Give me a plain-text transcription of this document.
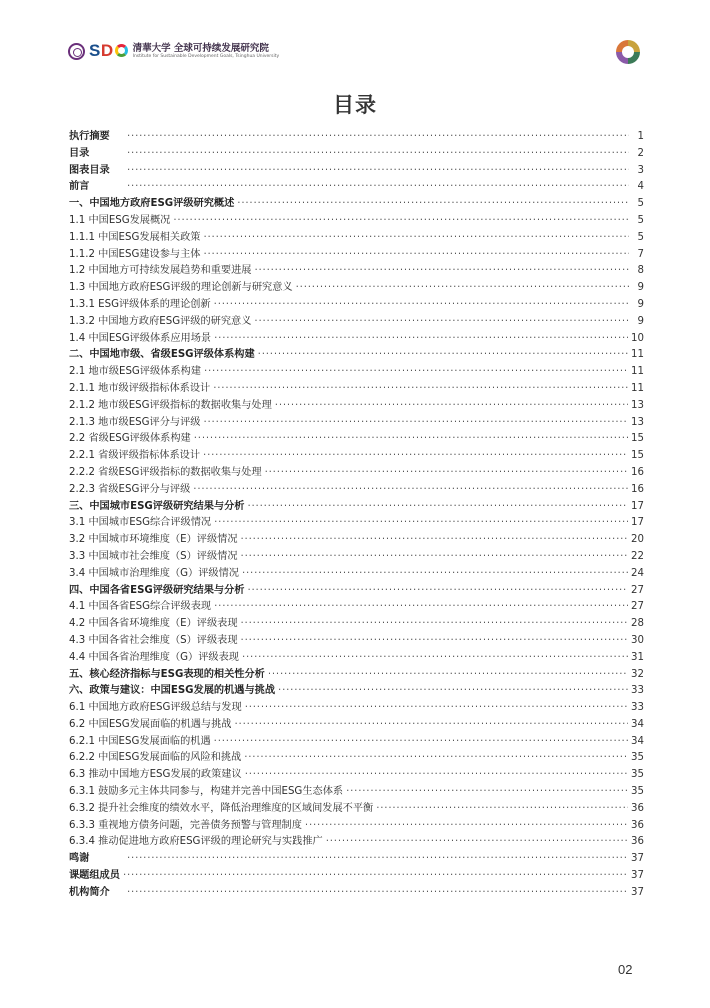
SD	清華大学 全球可持续发展研究院
Institute for Sustainable Development Goals, Tsinghua University
目录
执行摘要 ·····	1
目录 ·····	2
图表目录 ·····	3
前言 ·····	4
一、中国地方政府ESG评级研究概述 ·····	5
1.1 中国ESG发展概况 ·····	5
1.1.1 中国ESG发展相关政策 ·····	5
1.1.2 中国ESG建设参与主体 ·····	7
1.2 中国地方可持续发展趋势和重要进展 ·····	8
1.3 中国地方政府ESG评级的理论创新与研究意义 ·····	9
1.3.1 ESG评级体系的理论创新 ·····	9
1.3.2 中国地方政府ESG评级的研究意义 ·····	9
1.4 中国ESG评级体系应用场景 ·····	10
二、中国地市级、省级ESG评级体系构建 ·····	11
2.1 地市级ESG评级体系构建 ·····	11
2.1.1 地市级评级指标体系设计 ·····	11
2.1.2 地市级ESG评级指标的数据收集与处理 ·····	13
2.1.3 地市级ESG评分与评级 ·····	13
2.2 省级ESG评级体系构建 ·····	15
2.2.1 省级评级指标体系设计 ·····	15
2.2.2 省级ESG评级指标的数据收集与处理 ·····	16
2.2.3 省级ESG评分与评级 ·····	16
三、中国城市ESG评级研究结果与分析 ·····	17
3.1 中国城市ESG综合评级情况 ·····	17
3.2 中国城市环境维度（E）评级情况 ·····	20
3.3 中国城市社会维度（S）评级情况 ·····	22
3.4 中国城市治理维度（G）评级情况 ·····	24
四、中国各省ESG评级研究结果与分析 ·····	27
4.1 中国各省ESG综合评级表现 ·····	27
4.2 中国各省环境维度（E）评级表现 ·····	28
4.3 中国各省社会维度（S）评级表现 ·····	30
4.4 中国各省治理维度（G）评级表现 ·····	31
五、核心经济指标与ESG表现的相关性分析 ·····	32
六、政策与建议：中国ESG发展的机遇与挑战 ·····	33
6.1 中国地方政府ESG评级总结与发现 ·····	33
6.2 中国ESG发展面临的机遇与挑战 ·····	34
6.2.1 中国ESG发展面临的机遇 ·····	34
6.2.2 中国ESG发展面临的风险和挑战 ·····	35
6.3 推动中国地方ESG发展的政策建议 ·····	35
6.3.1 鼓励多元主体共同参与，构建并完善中国ESG生态体系 ·····	35
6.3.2 提升社会维度的绩效水平，降低治理维度的区域间发展不平衡 ·····	36
6.3.3 重视地方债务问题，完善债务预警与管理制度 ·····	36
6.3.4 推动促进地方政府ESG评级的理论研究与实践推广 ·····	36
鸣谢 ·····	37
课题组成员 ·····	37
机构简介 ·····	37
02
